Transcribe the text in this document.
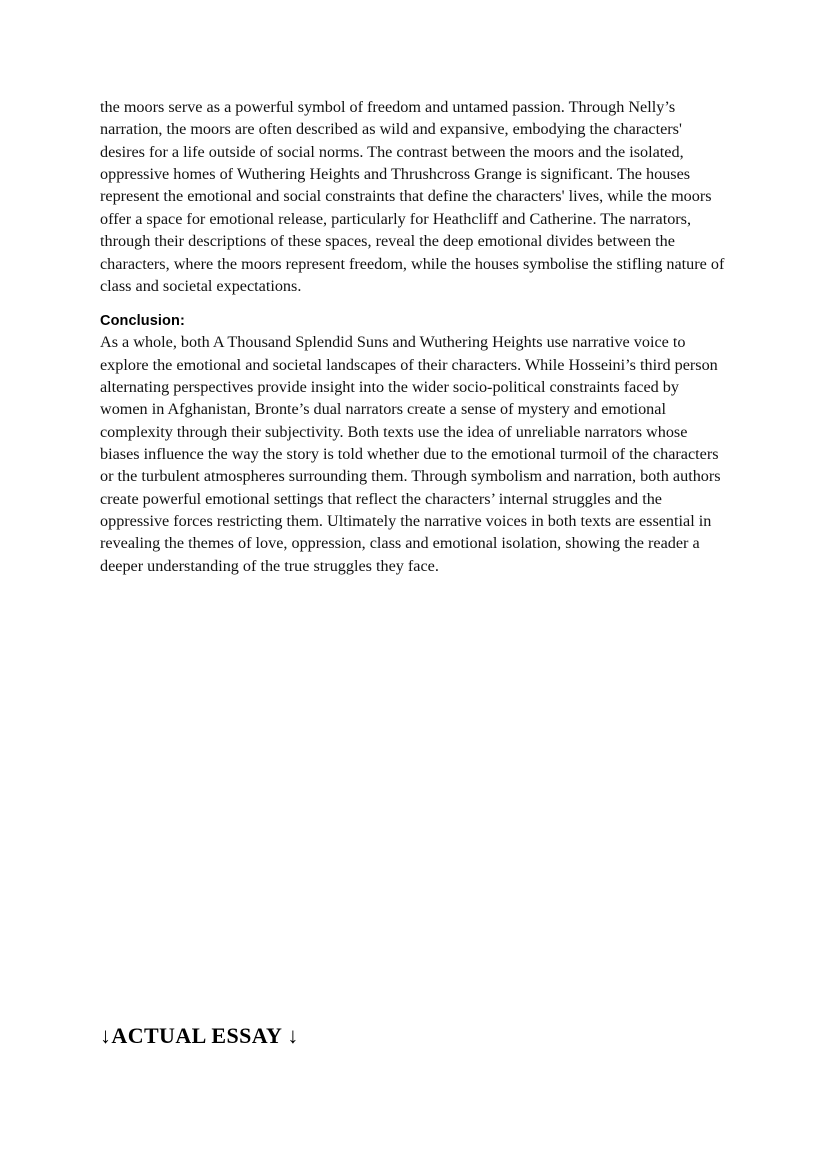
the moors serve as a powerful symbol of freedom and untamed passion. Through Nelly’s narration, the moors are often described as wild and expansive, embodying the characters' desires for a life outside of social norms. The contrast between the moors and the isolated, oppressive homes of Wuthering Heights and Thrushcross Grange is significant. The houses represent the emotional and social constraints that define the characters' lives, while the moors offer a space for emotional release, particularly for Heathcliff and Catherine. The narrators, through their descriptions of these spaces, reveal the deep emotional divides between the characters, where the moors represent freedom, while the houses symbolise the stifling nature of class and societal expectations.

Conclusion:

As a whole, both A Thousand Splendid Suns and Wuthering Heights use narrative voice to explore the emotional and societal landscapes of their characters. While Hosseini’s third person alternating perspectives provide insight into the wider socio-political constraints faced by women in Afghanistan, Bronte’s dual narrators create a sense of mystery and emotional complexity through their subjectivity. Both texts use the idea of unreliable narrators whose biases influence the way the story is told whether due to the emotional turmoil of the characters or the turbulent atmospheres surrounding them. Through symbolism and narration, both authors create powerful emotional settings that reflect the characters’ internal struggles and the oppressive forces restricting them. Ultimately the narrative voices in both texts are essential in revealing the themes of love, oppression, class and emotional isolation, showing the reader a deeper understanding of the true struggles they face.

↓ACTUAL ESSAY ↓
